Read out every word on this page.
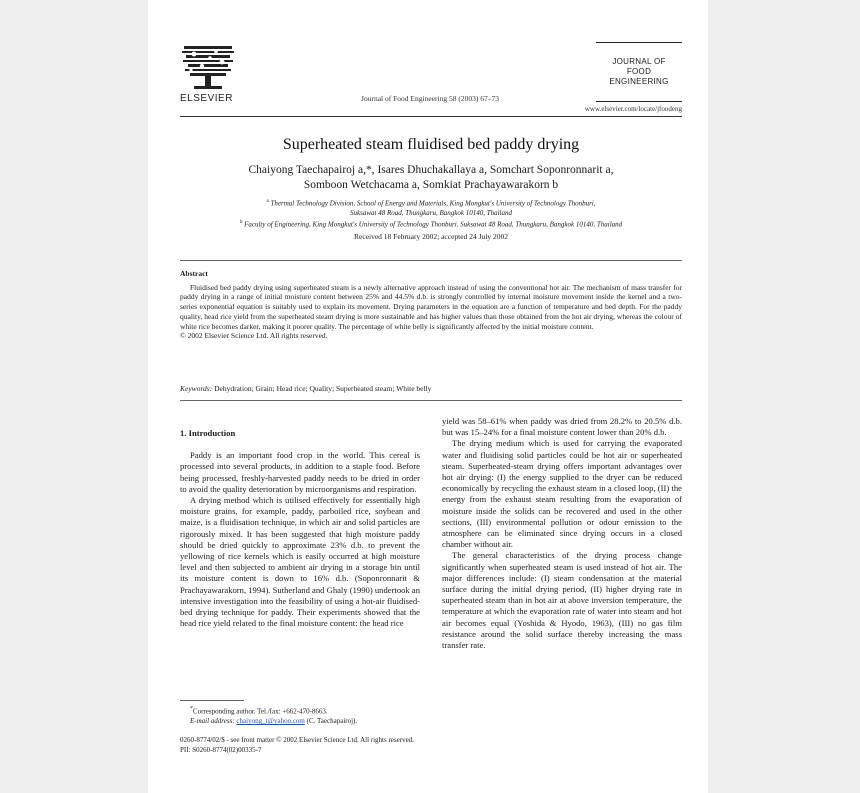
ELSEVIER	Journal of Food Engineering 58 (2003) 67–73
JOURNAL OF
FOOD
ENGINEERING
www.elsevier.com/locate/jfoodeng
Superheated steam fluidised bed paddy drying
Chaiyong Taechapairoj a,*, Isares Dhuchakallaya a, Somchart Soponronnarit a,
Somboon Wetchacama a, Somkiat Prachayawarakorn b
$^a$ Thermal Technology Division, School of Energy and Materials, King Mongkut's University of Technology Thonburi,
Suksawat 48 Road, Thungkaru, Bangkok 10140, Thailand
$^b$ Faculty of Engineering, King Mongkut's University of Technology Thonburi, Suksawat 48 Road, Thungkaru, Bangkok 10140, Thailand
Received 18 February 2002; accepted 24 July 2002
Abstract

Fluidised bed paddy drying using superheated steam is a newly alternative approach instead of using the conventional hot air. The mechanism of mass transfer for paddy drying in a range of initial moisture content between 25% and 44.5% d.b. is strongly controlled by internal moisture movement inside the kernel and a two-series exponential equation is suitably used to explain its movement. Drying parameters in the equation are a function of temperature and bed depth. For the paddy quality, head rice yield from the superheated steam drying is more sustainable and has higher values than those obtained from the hot air drying, whereas the colour of white rice becomes darker, making it poorer quality. The percentage of white belly is significantly affected by the initial moisture content.

© 2002 Elsevier Science Ltd. All rights reserved.

Keywords: Dehydration; Grain; Head rice; Quality; Superheated steam; White belly
1. Introduction

Paddy is an important food crop in the world. This cereal is processed into several products, in addition to a staple food. Before being processed, freshly-harvested paddy needs to be dried in order to avoid the quality deterioration by microorganisms and respiration.

A drying method which is utilised effectively for essentially high moisture grains, for example, paddy, parboiled rice, soybean and maize, is a fluidisation technique, in which air and solid particles are rigorously mixed. It has been suggested that high moisture paddy should be dried quickly to approximate 23% d.b. to prevent the yellowing of rice kernels which is easily occurred at high moisture level and then subjected to ambient air drying in a storage bin until its moisture content is down to 16% d.b. (Soponronnarit & Prachayawarakorn, 1994). Sutherland and Ghaly (1990) undertook an intensive investigation into the feasibility of using a hot-air fluidised-bed drying technique for paddy. Their experiments showed that the head rice yield related to the final moisture content: the head rice

yield was 58–61% when paddy was dried from 28.2% to 20.5% d.b. but was 15–24% for a final moisture content lower than 20% d.b.

The drying medium which is used for carrying the evaporated water and fluidising solid particles could be hot air or superheated steam. Superheated-steam drying offers important advantages over hot air drying: (I) the energy supplied to the dryer can be reduced economically by recycling the exhaust steam in a closed loop, (II) the energy from the exhaust steam resulting from the evaporation of moisture inside the solids can be recovered and used in the other sections, (III) environmental pollution or odour emission to the atmosphere can be eliminated since drying occurs in a closed chamber without air.

The general characteristics of the drying process change significantly when superheated steam is used instead of hot air. The major differences include: (I) steam condensation at the material surface during the initial drying period, (II) higher drying rate in superheated steam than in hot air at above inversion temperature, the temperature at which the evaporation rate of water into steam and hot air becomes equal (Yoshida & Hyodo, 1963), (III) no gas film resistance around the solid surface thereby increasing the mass transfer rate.

*Corresponding author. Tel./fax: +662-470-8663.
E-mail address: chaiyong_t@yahoo.com (C. Taechapairoj).
0260-8774/02/$ - see front matter © 2002 Elsevier Science Ltd. All rights reserved.
PII: S0260-8774(02)00335-7
